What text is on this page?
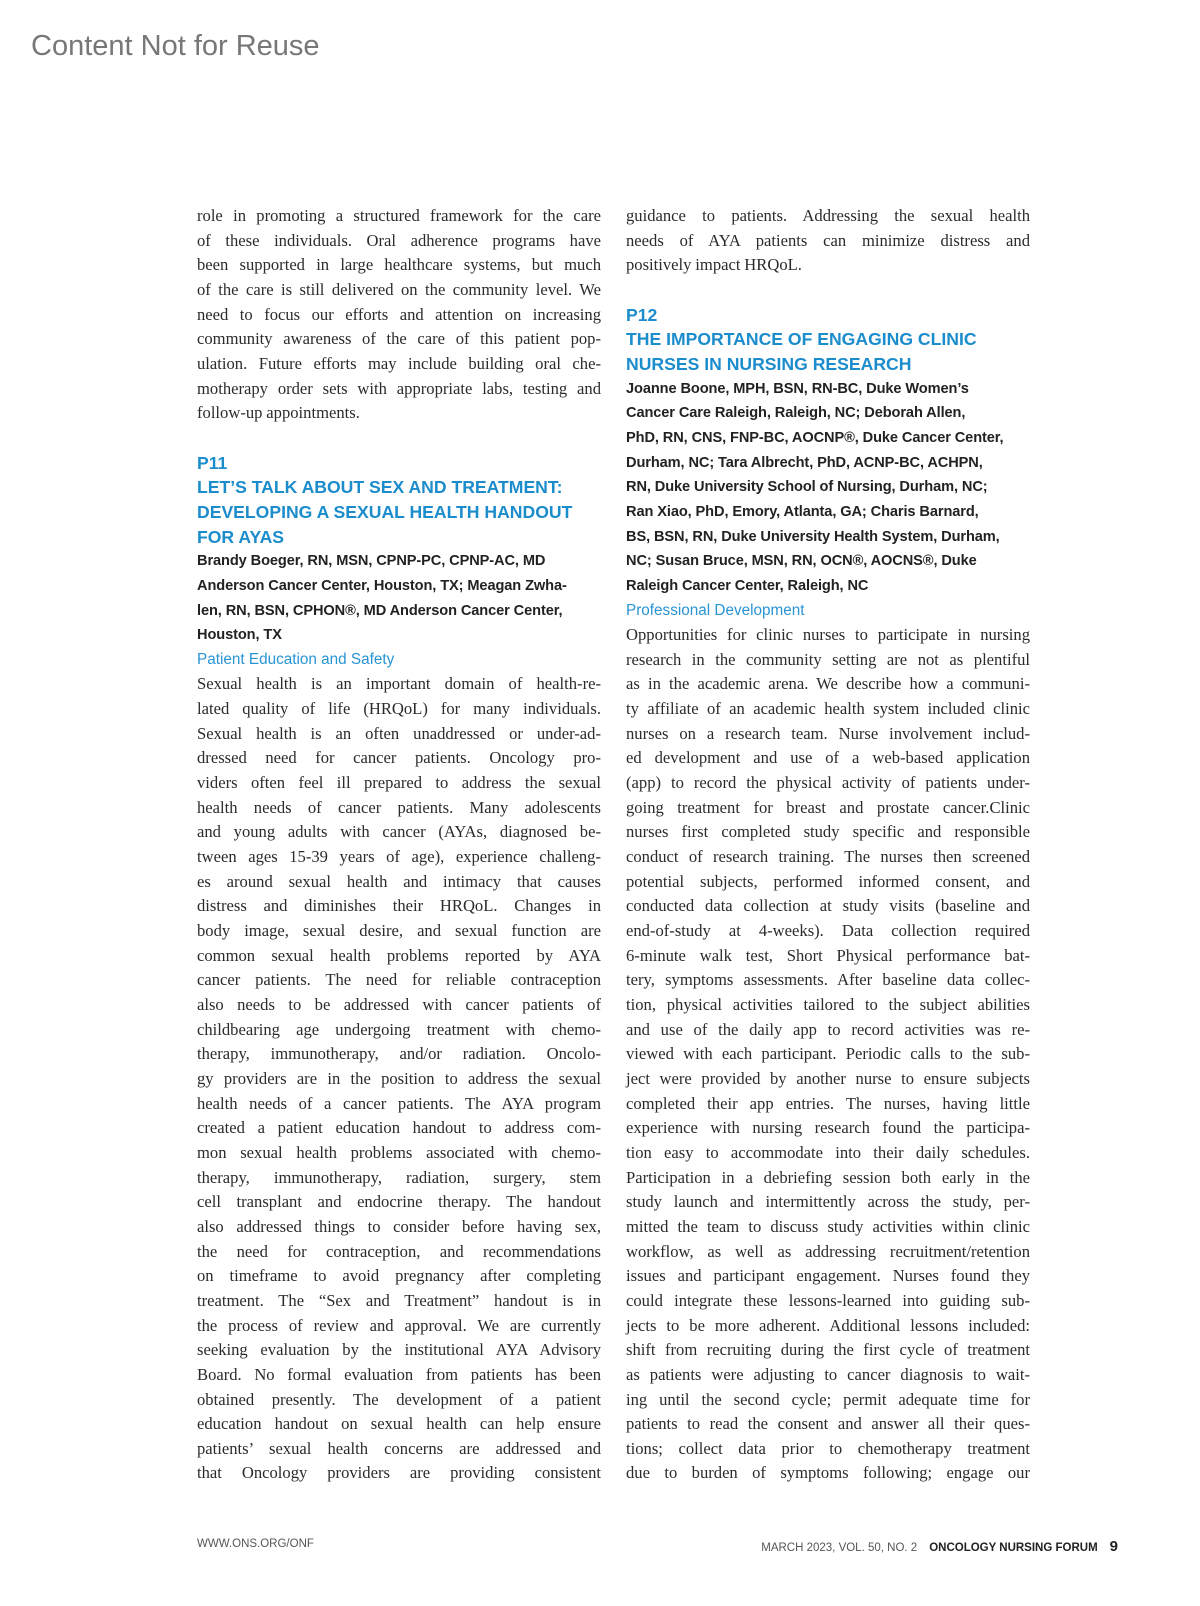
Content Not for Reuse
role in promoting a structured framework for the care
of these individuals. Oral adherence programs have
been supported in large healthcare systems, but much
of the care is still delivered on the community level. We
need to focus our efforts and attention on increasing
community awareness of the care of this patient pop-
ulation. Future efforts may include building oral che-
motherapy order sets with appropriate labs, testing and
follow-up appointments.
P11
LET’S TALK ABOUT SEX AND TREATMENT:
DEVELOPING A SEXUAL HEALTH HANDOUT
FOR AYAS
Brandy Boeger, RN, MSN, CPNP-PC, CPNP-AC, MD
Anderson Cancer Center, Houston, TX; Meagan Zwha-
len, RN, BSN, CPHON®, MD Anderson Cancer Center,
Houston, TX
Patient Education and Safety
Sexual health is an important domain of health-re-
lated quality of life (HRQoL) for many individuals.
Sexual health is an often unaddressed or under-ad-
dressed need for cancer patients. Oncology pro-
viders often feel ill prepared to address the sexual
health needs of cancer patients. Many adolescents
and young adults with cancer (AYAs, diagnosed be-
tween ages 15-39 years of age), experience challeng-
es around sexual health and intimacy that causes
distress and diminishes their HRQoL. Changes in
body image, sexual desire, and sexual function are
common sexual health problems reported by AYA
cancer patients. The need for reliable contraception
also needs to be addressed with cancer patients of
childbearing age undergoing treatment with chemo-
therapy, immunotherapy, and/or radiation. Oncolo-
gy providers are in the position to address the sexual
health needs of a cancer patients. The AYA program
created a patient education handout to address com-
mon sexual health problems associated with chemo-
therapy, immunotherapy, radiation, surgery, stem
cell transplant and endocrine therapy. The handout
also addressed things to consider before having sex,
the need for contraception, and recommendations
on timeframe to avoid pregnancy after completing
treatment. The “Sex and Treatment” handout is in
the process of review and approval. We are currently
seeking evaluation by the institutional AYA Advisory
Board. No formal evaluation from patients has been
obtained presently. The development of a patient
education handout on sexual health can help ensure
patients’ sexual health concerns are addressed and
that Oncology providers are providing consistent
guidance to patients. Addressing the sexual health
needs of AYA patients can minimize distress and
positively impact HRQoL.
P12
THE IMPORTANCE OF ENGAGING CLINIC
NURSES IN NURSING RESEARCH
Joanne Boone, MPH, BSN, RN-BC, Duke Women’s
Cancer Care Raleigh, Raleigh, NC; Deborah Allen,
PhD, RN, CNS, FNP-BC, AOCNP®, Duke Cancer Center,
Durham, NC; Tara Albrecht, PhD, ACNP-BC, ACHPN,
RN, Duke University School of Nursing, Durham, NC;
Ran Xiao, PhD, Emory, Atlanta, GA; Charis Barnard,
BS, BSN, RN, Duke University Health System, Durham,
NC; Susan Bruce, MSN, RN, OCN®, AOCNS®, Duke
Raleigh Cancer Center, Raleigh, NC
Professional Development
Opportunities for clinic nurses to participate in nursing
research in the community setting are not as plentiful
as in the academic arena. We describe how a communi-
ty affiliate of an academic health system included clinic
nurses on a research team. Nurse involvement includ-
ed development and use of a web-based application
(app) to record the physical activity of patients under-
going treatment for breast and prostate cancer.Clinic
nurses first completed study specific and responsible
conduct of research training. The nurses then screened
potential subjects, performed informed consent, and
conducted data collection at study visits (baseline and
end-of-study at 4-weeks). Data collection required
6-minute walk test, Short Physical performance bat-
tery, symptoms assessments. After baseline data collec-
tion, physical activities tailored to the subject abilities
and use of the daily app to record activities was re-
viewed with each participant. Periodic calls to the sub-
ject were provided by another nurse to ensure subjects
completed their app entries. The nurses, having little
experience with nursing research found the participa-
tion easy to accommodate into their daily schedules.
Participation in a debriefing session both early in the
study launch and intermittently across the study, per-
mitted the team to discuss study activities within clinic
workflow, as well as addressing recruitment/retention
issues and participant engagement. Nurses found they
could integrate these lessons-learned into guiding sub-
jects to be more adherent. Additional lessons included:
shift from recruiting during the first cycle of treatment
as patients were adjusting to cancer diagnosis to wait-
ing until the second cycle; permit adequate time for
patients to read the consent and answer all their ques-
tions; collect data prior to chemotherapy treatment
due to burden of symptoms following; engage our
WWW.ONS.ORG/ONF	MARCH 2023, VOL. 50, NO. 2 ONCOLOGY NURSING FORUM 9
